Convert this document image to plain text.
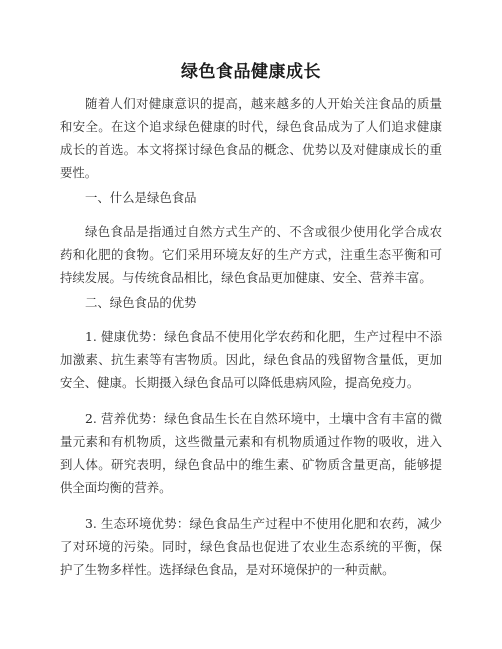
绿色食品健康成长

随着人们对健康意识的提高，越来越多的人开始关注食品的质量和安全。在这个追求绿色健康的时代，绿色食品成为了人们追求健康成长的首选。本文将探讨绿色食品的概念、优势以及对健康成长的重要性。

一、什么是绿色食品

绿色食品是指通过自然方式生产的、不含或很少使用化学合成农药和化肥的食物。它们采用环境友好的生产方式，注重生态平衡和可持续发展。与传统食品相比，绿色食品更加健康、安全、营养丰富。

二、绿色食品的优势

1. 健康优势：绿色食品不使用化学农药和化肥，生产过程中不添加激素、抗生素等有害物质。因此，绿色食品的残留物含量低，更加安全、健康。长期摄入绿色食品可以降低患病风险，提高免疫力。

2. 营养优势：绿色食品生长在自然环境中，土壤中含有丰富的微量元素和有机物质，这些微量元素和有机物质通过作物的吸收，进入到人体。研究表明，绿色食品中的维生素、矿物质含量更高，能够提供全面均衡的营养。

3. 生态环境优势：绿色食品生产过程中不使用化肥和农药，减少了对环境的污染。同时，绿色食品也促进了农业生态系统的平衡，保护了生物多样性。选择绿色食品，是对环境保护的一种贡献。
